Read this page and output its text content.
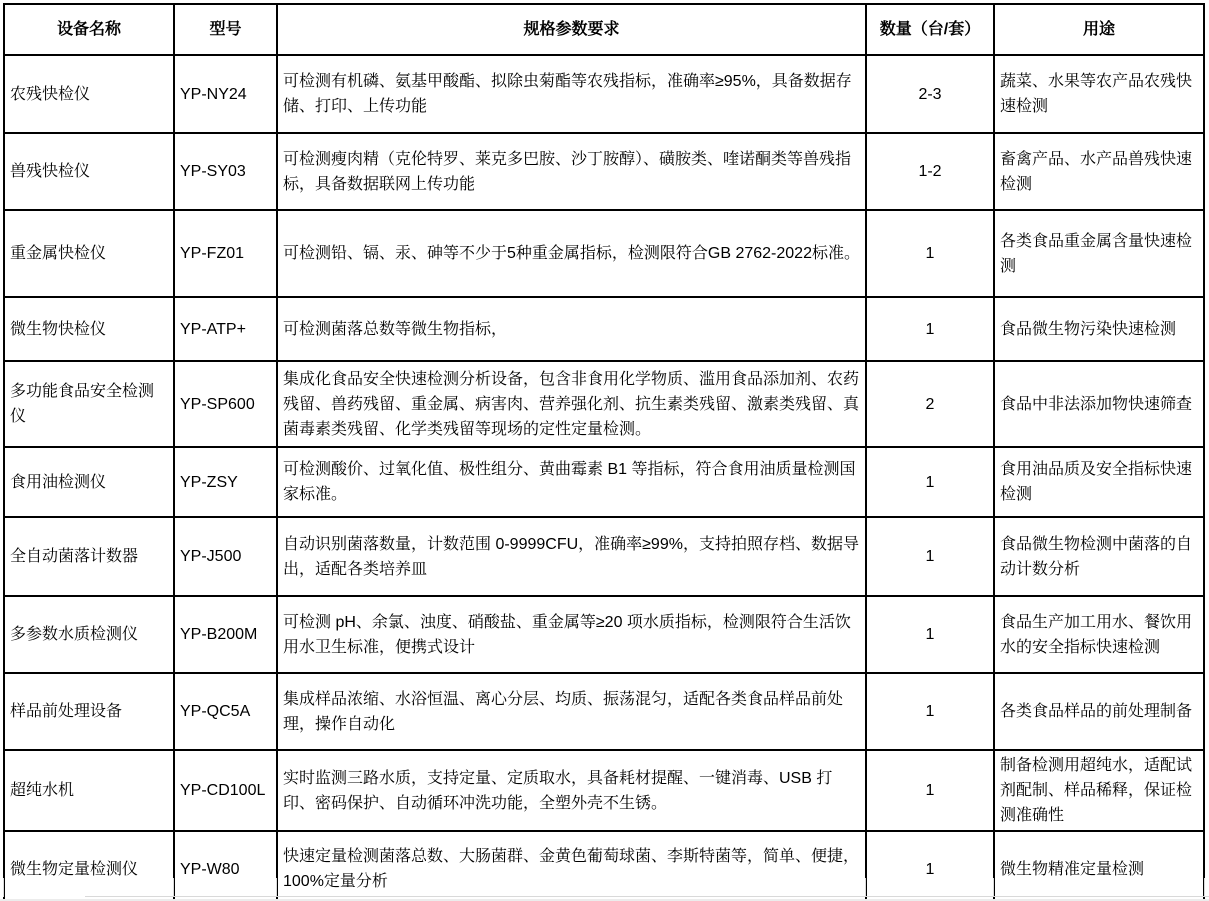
设备名称	型号	规格参数要求	数量（台/套）	用途
农残快检仪	YP-NY24	可检测有机磷、氨基甲酸酯、拟除虫菊酯等农残指标，准确率≥95%，具备数据存储、打印、上传功能	2-3	蔬菜、水果等农产品农残快速检测
兽残快检仪	YP-SY03	可检测瘦肉精（克伦特罗、莱克多巴胺、沙丁胺醇）、磺胺类、喹诺酮类等兽残指标，具备数据联网上传功能	1-2	畜禽产品、水产品兽残快速检测
重金属快检仪	YP-FZ01	可检测铅、镉、汞、砷等不少于5种重金属指标，检测限符合GB 2762-2022标准。	1	各类食品重金属含量快速检测
微生物快检仪	YP-ATP+	可检测菌落总数等微生物指标，	1	食品微生物污染快速检测
多功能食品安全检测仪	YP-SP600	集成化食品安全快速检测分析设备，包含非食用化学物质、滥用食品添加剂、农药残留、兽药残留、重金属、病害肉、营养强化剂、抗生素类残留、激素类残留、真菌毒素类残留、化学类残留等现场的定性定量检测。	2	食品中非法添加物快速筛查
食用油检测仪	YP-ZSY	可检测酸价、过氧化值、极性组分、黄曲霉素 B1 等指标，符合食用油质量检测国家标准。	1	食用油品质及安全指标快速检测
全自动菌落计数器	YP-J500	自动识别菌落数量，计数范围 0-9999CFU，准确率≥99%，支持拍照存档、数据导出，适配各类培养皿	1	食品微生物检测中菌落的自动计数分析
多参数水质检测仪	YP-B200M	可检测 pH、余氯、浊度、硝酸盐、重金属等≥20 项水质指标，检测限符合生活饮用水卫生标准，便携式设计	1	食品生产加工用水、餐饮用水的安全指标快速检测
样品前处理设备	YP-QC5A	集成样品浓缩、水浴恒温、离心分层、均质、振荡混匀，适配各类食品样品前处理，操作自动化	1	各类食品样品的前处理制备
超纯水机	YP-CD100L	实时监测三路水质，支持定量、定质取水，具备耗材提醒、一键消毒、USB 打印、密码保护、自动循环冲洗功能，全塑外壳不生锈。	1	制备检测用超纯水，适配试剂配制、样品稀释，保证检测准确性
微生物定量检测仪	YP-W80	快速定量检测菌落总数、大肠菌群、金黄色葡萄球菌、李斯特菌等，简单、便捷，100%定量分析	1	微生物精准定量检测
